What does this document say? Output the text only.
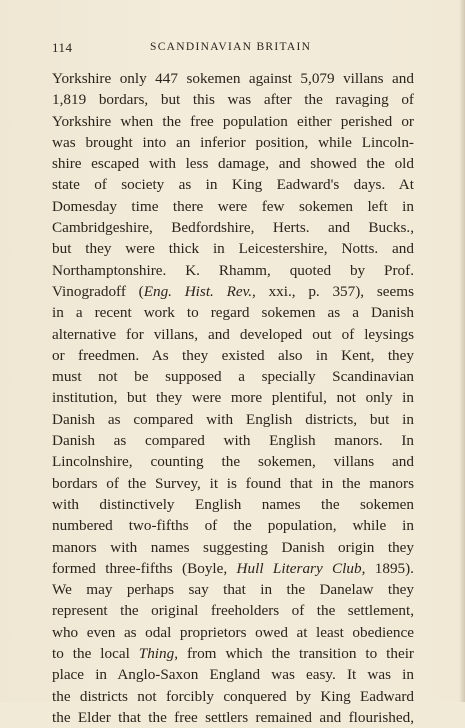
114	SCANDINAVIAN BRITAIN
Yorkshire only 447 sokemen against 5,079 villans and
1,819 bordars, but this was after the ravaging of
Yorkshire when the free population either perished or
was brought into an inferior position, while Lincoln-
shire escaped with less damage, and showed the old
state of society as in King Eadward's days. At
Domesday time there were few sokemen left in
Cambridgeshire, Bedfordshire, Herts. and Bucks.,
but they were thick in Leicestershire, Notts. and
Northamptonshire. K. Rhamm, quoted by Prof.
Vinogradoff (Eng. Hist. Rev., xxi., p. 357), seems
in a recent work to regard sokemen as a Danish
alternative for villans, and developed out of leysings
or freedmen. As they existed also in Kent, they
must not be supposed a specially Scandinavian
institution, but they were more plentiful, not only in
Danish as compared with English districts, but in
Danish as compared with English manors. In
Lincolnshire, counting the sokemen, villans and
bordars of the Survey, it is found that in the manors
with distinctively English names the sokemen
numbered two-fifths of the population, while in
manors with names suggesting Danish origin they
formed three-fifths (Boyle, Hull Literary Club, 1895).
We may perhaps say that in the Danelaw they
represent the original freeholders of the settlement,
who even as odal proprietors owed at least obedience
to the local Thing, from which the transition to their
place in Anglo-Saxon England was easy. It was in
the districts not forcibly conquered by King Eadward
the Elder that the free settlers remained and flourished,
